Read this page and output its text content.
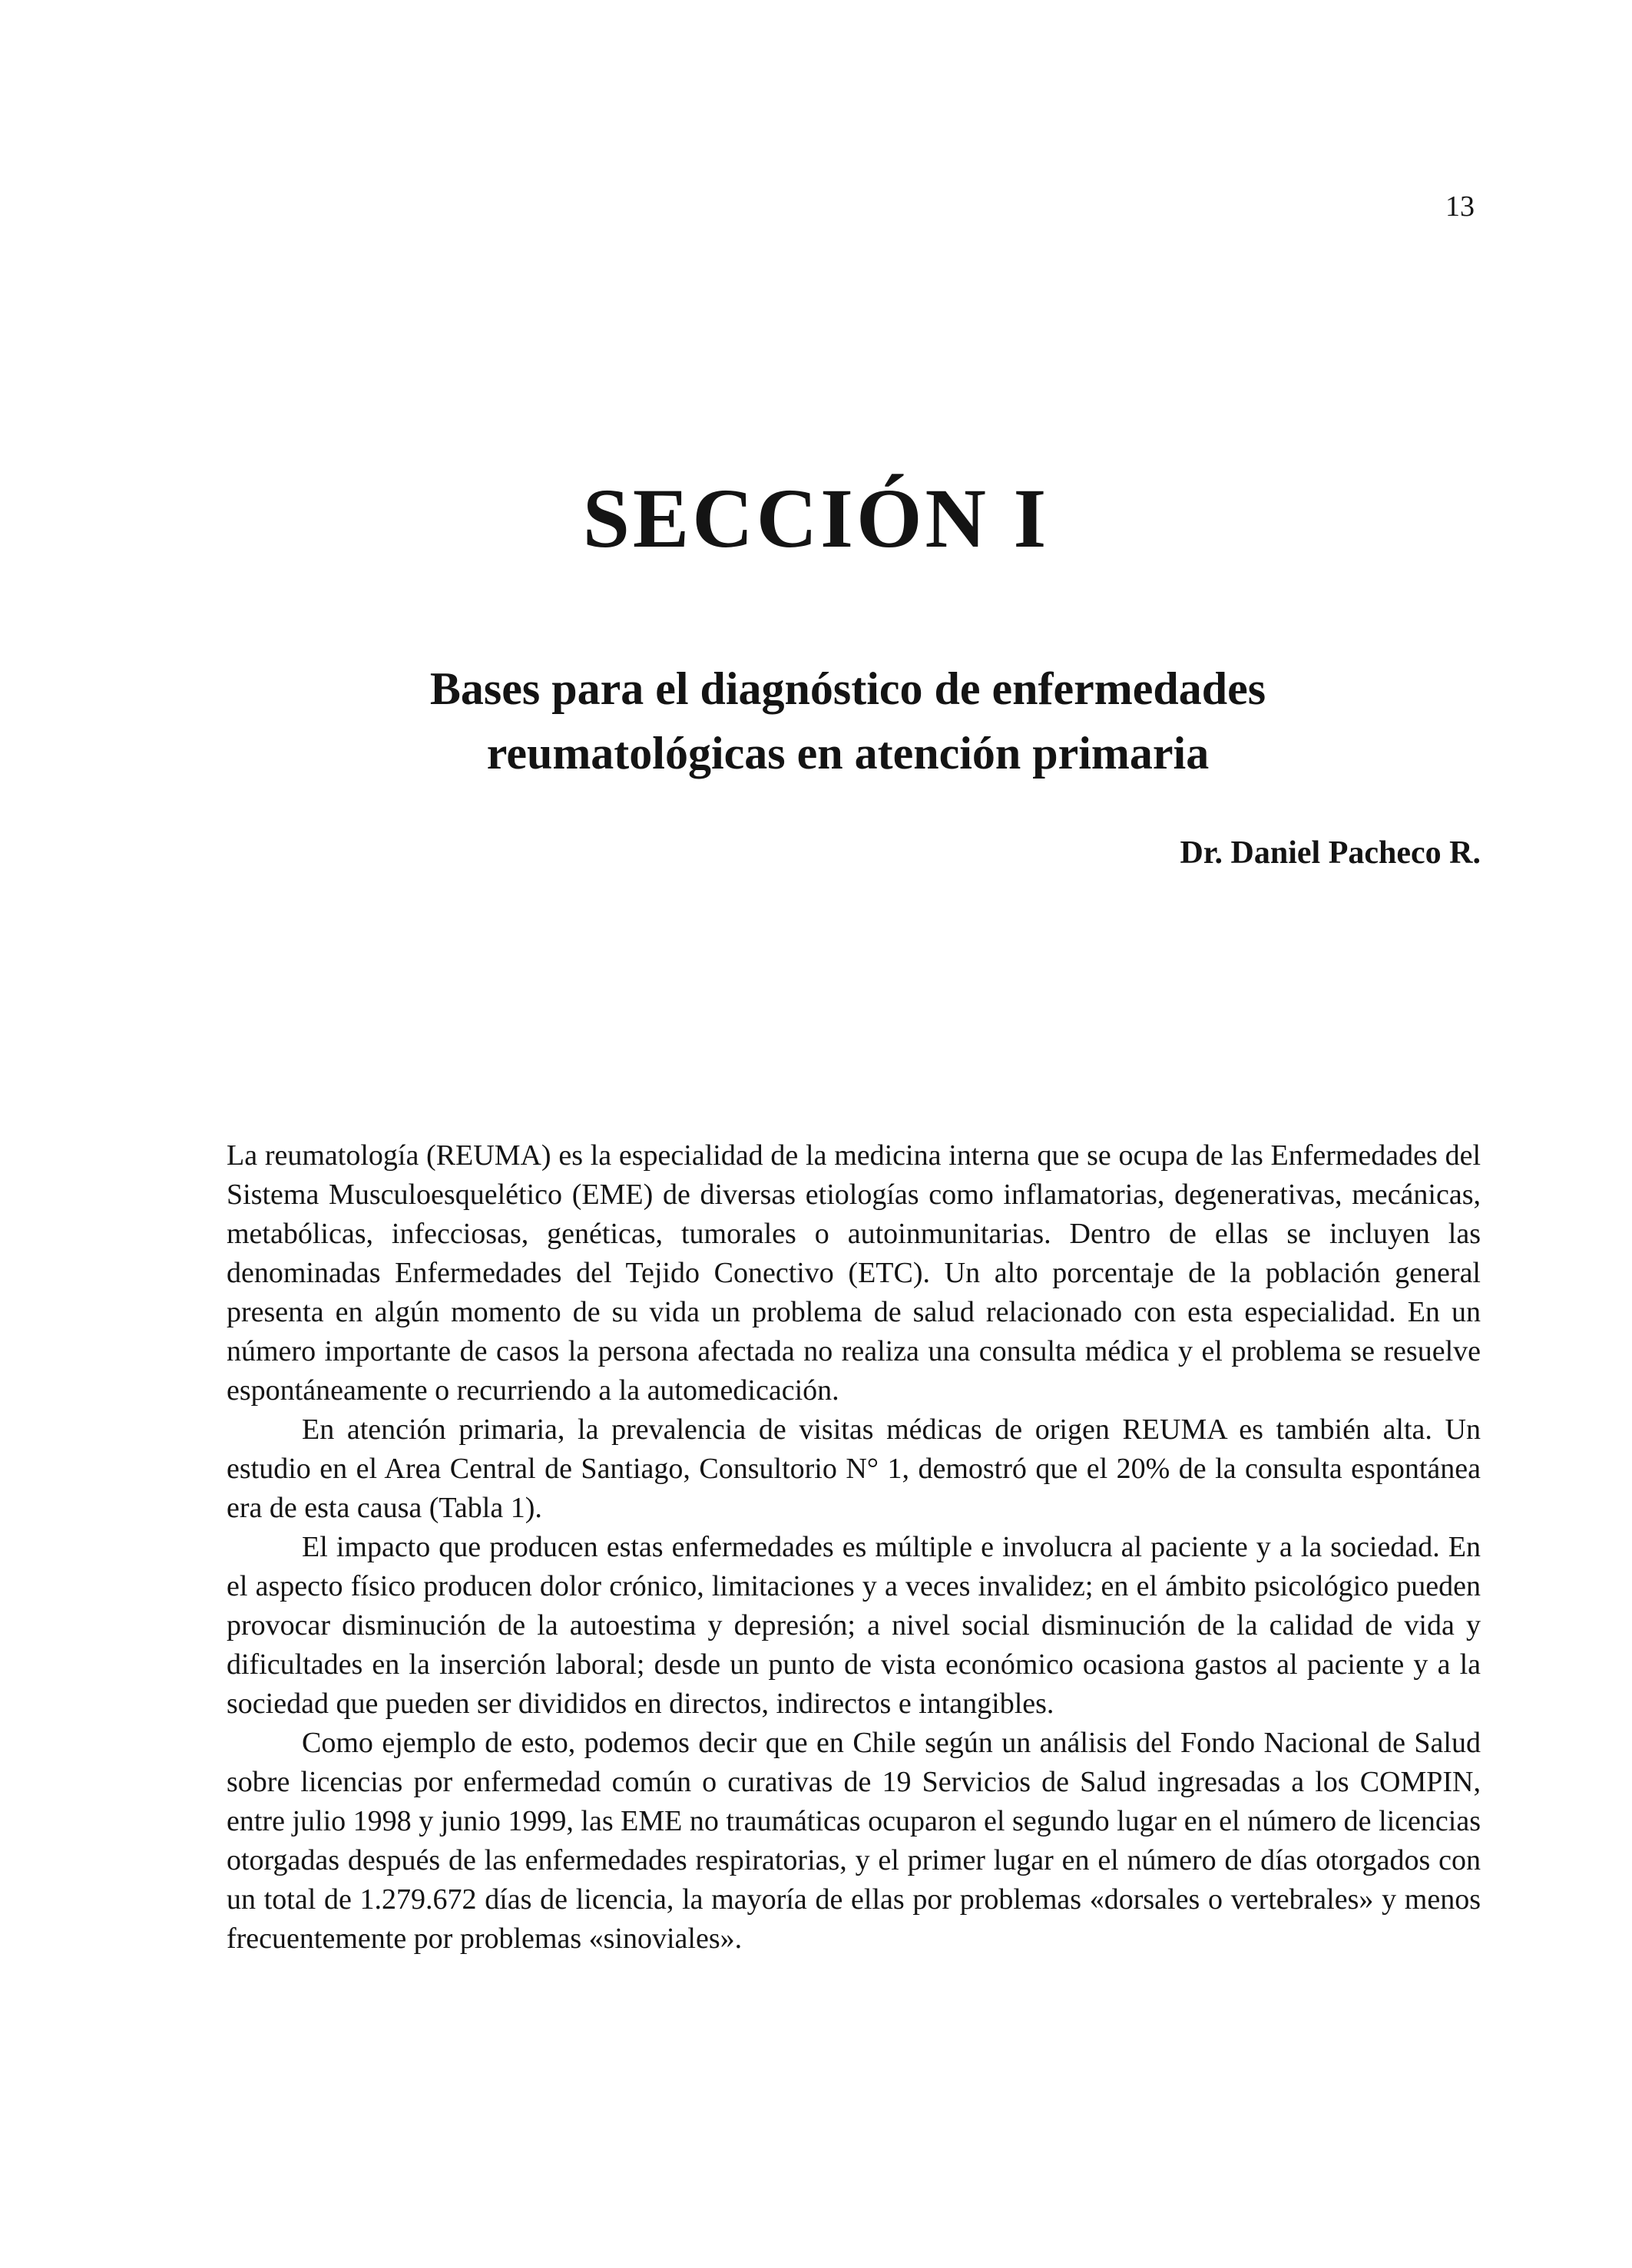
13
SECCIÓN I
Bases para el diagnóstico de enfermedades
reumatológicas en atención primaria
Dr. Daniel Pacheco R.

La reumatología (REUMA) es la especialidad de la medicina interna que se ocupa de las Enfermedades del Sistema Musculoesquelético (EME) de diversas etiologías como inflamatorias, degenerativas, mecánicas, metabólicas, infecciosas, genéticas, tumorales o autoinmunitarias. Dentro de ellas se incluyen las denominadas Enfermedades del Tejido Conectivo (ETC). Un alto porcentaje de la población general presenta en algún momento de su vida un problema de salud relacionado con esta especialidad. En un número importante de casos la persona afectada no realiza una consulta médica y el problema se resuelve espontáneamente o recurriendo a la automedicación.

En atención primaria, la prevalencia de visitas médicas de origen REUMA es también alta. Un estudio en el Area Central de Santiago, Consultorio N° 1, demostró que el 20% de la consulta espontánea era de esta causa (Tabla 1).

El impacto que producen estas enfermedades es múltiple e involucra al paciente y a la sociedad. En el aspecto físico producen dolor crónico, limitaciones y a veces invalidez; en el ámbito psicológico pueden provocar disminución de la autoestima y depresión; a nivel social disminución de la calidad de vida y dificultades en la inserción laboral; desde un punto de vista económico ocasiona gastos al paciente y a la sociedad que pueden ser divididos en directos, indirectos e intangibles.

Como ejemplo de esto, podemos decir que en Chile según un análisis del Fondo Nacional de Salud sobre licencias por enfermedad común o curativas de 19 Servicios de Salud ingresadas a los COMPIN, entre julio 1998 y junio 1999, las EME no traumáticas ocuparon el segundo lugar en el número de licencias otorgadas después de las enfermedades respiratorias, y el primer lugar en el número de días otorgados con un total de 1.279.672 días de licencia, la mayoría de ellas por problemas «dorsales o vertebrales» y menos frecuentemente por problemas «sinoviales».
